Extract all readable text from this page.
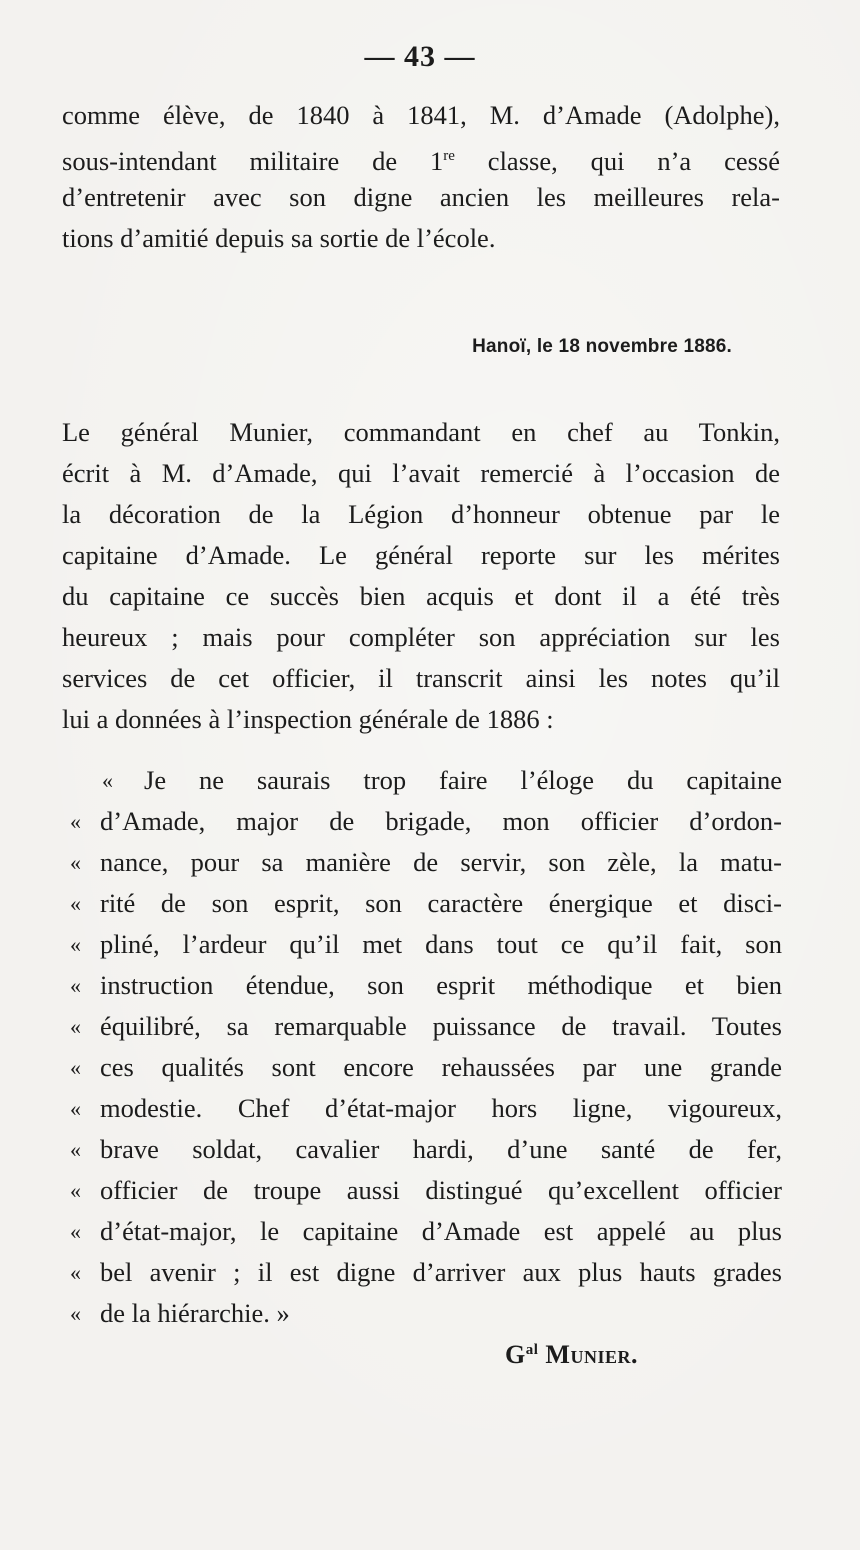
— 43 —
comme élève, de 1840 à 1841, M. d’Amade (Adolphe),
sous-intendant militaire de 1re classe, qui n’a cessé
d’entretenir avec son digne ancien les meilleures rela-
tions d’amitié depuis sa sortie de l’école.
Hanoï, le 18 novembre 1886.
Le général Munier, commandant en chef au Tonkin,
écrit à M. d’Amade, qui l’avait remercié à l’occasion de
la décoration de la Légion d’honneur obtenue par le
capitaine d’Amade. Le général reporte sur les mérites
du capitaine ce succès bien acquis et dont il a été très
heureux ; mais pour compléter son appréciation sur les
services de cet officier, il transcrit ainsi les notes qu’il
lui a données à l’inspection générale de 1886 :
«	Je ne saurais trop faire l’éloge du capitaine
« d’Amade, major de brigade, mon officier d’ordon-
« nance, pour sa manière de servir, son zèle, la matu-
« rité de son esprit, son caractère énergique et disci-
« pliné, l’ardeur qu’il met dans tout ce qu’il fait, son
« instruction étendue, son esprit méthodique et bien
« équilibré, sa remarquable puissance de travail. Toutes
« ces qualités sont encore rehaussées par une grande
« modestie. Chef d’état-major hors ligne, vigoureux,
« brave soldat, cavalier hardi, d’une santé de fer,
« officier de troupe aussi distingué qu’excellent officier
« d’état-major, le capitaine d’Amade est appelé au plus
« bel avenir ; il est digne d’arriver aux plus hauts grades
« de la hiérarchie. »
$G^{al}$ Munier.
